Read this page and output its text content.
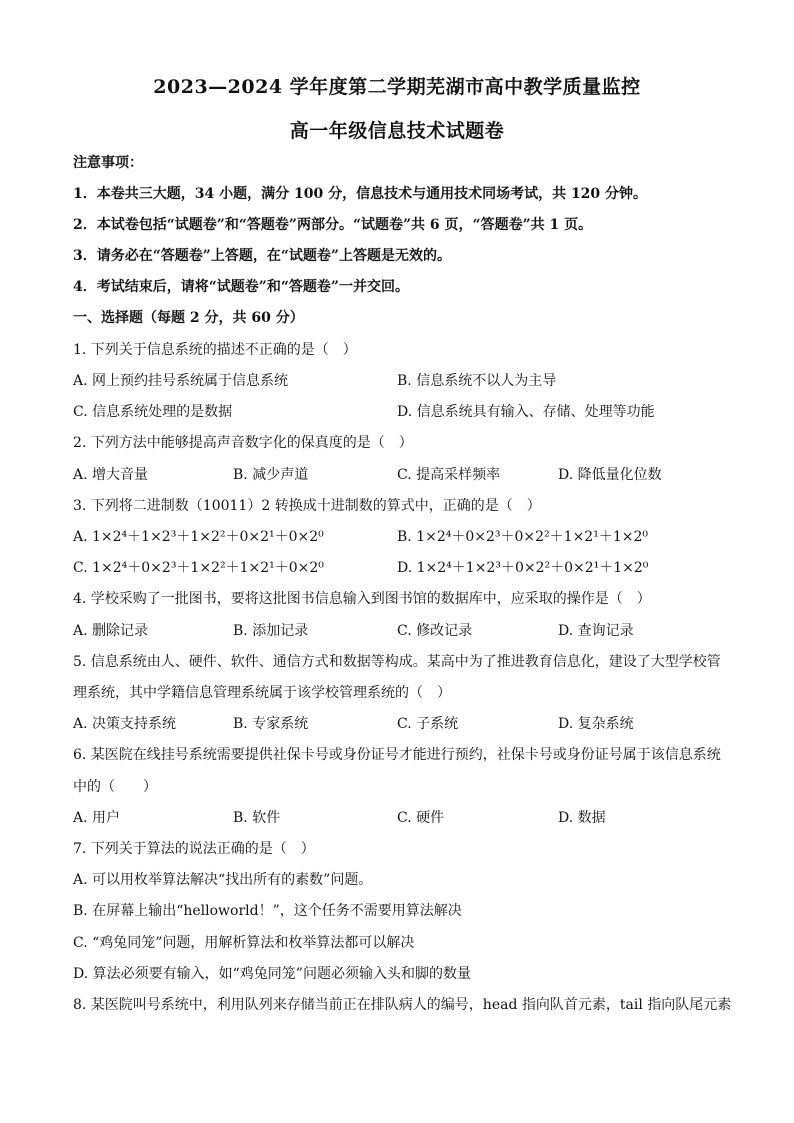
2023—2024 学年度第二学期芜湖市高中教学质量监控
高一年级信息技术试题卷
注意事项：
1．本卷共三大题，34 小题，满分 100 分，信息技术与通用技术同场考试，共 120 分钟。
2．本试卷包括“试题卷”和“答题卷”两部分。“试题卷”共 6 页，“答题卷”共 1 页。
3．请务必在“答题卷”上答题，在“试题卷”上答题是无效的。
4．考试结束后，请将“试题卷”和“答题卷”一并交回。
一、选择题（每题 2 分，共 60 分）
1. 下列关于信息系统的描述不正确的是（　）
A. 网上预约挂号系统属于信息系统	B. 信息系统不以人为主导
C. 信息系统处理的是数据	D. 信息系统具有输入、存储、处理等功能
2. 下列方法中能够提高声音数字化的保真度的是（　）
A. 增大音量	B. 减少声道	C. 提高采样频率	D. 降低量化位数
3. 下列将二进制数（10011）2 转换成十进制数的算式中，正确的是（　）
A. 1×2⁴＋1×2³＋1×2²＋0×2¹＋0×2⁰	B. 1×2⁴＋0×2³＋0×2²＋1×2¹＋1×2⁰
C. 1×2⁴＋0×2³＋1×2²＋1×2¹＋0×2⁰	D. 1×2⁴＋1×2³＋0×2²＋0×2¹＋1×2⁰
4. 学校采购了一批图书，要将这批图书信息输入到图书馆的数据库中，应采取的操作是（　）
A. 删除记录	B. 添加记录	C. 修改记录	D. 查询记录
5. 信息系统由人、硬件、软件、通信方式和数据等构成。某高中为了推进教育信息化，建设了大型学校管
理系统，其中学籍信息管理系统属于该学校管理系统的（　）
A. 决策支持系统	B. 专家系统	C. 子系统	D. 复杂系统
6. 某医院在线挂号系统需要提供社保卡号或身份证号才能进行预约，社保卡号或身份证号属于该信息系统
中的（　　）
A. 用户	B. 软件	C. 硬件	D. 数据
7. 下列关于算法的说法正确的是（　）
A. 可以用枚举算法解决“找出所有的素数”问题。
B. 在屏幕上输出“helloworld！”，这个任务不需要用算法解决
C. “鸡兔同笼”问题，用解析算法和枚举算法都可以解决
D. 算法必须要有输入，如“鸡兔同笼”问题必须输入头和脚的数量
8. 某医院叫号系统中，利用队列来存储当前正在排队病人的编号，head 指向队首元素，tail 指向队尾元素
